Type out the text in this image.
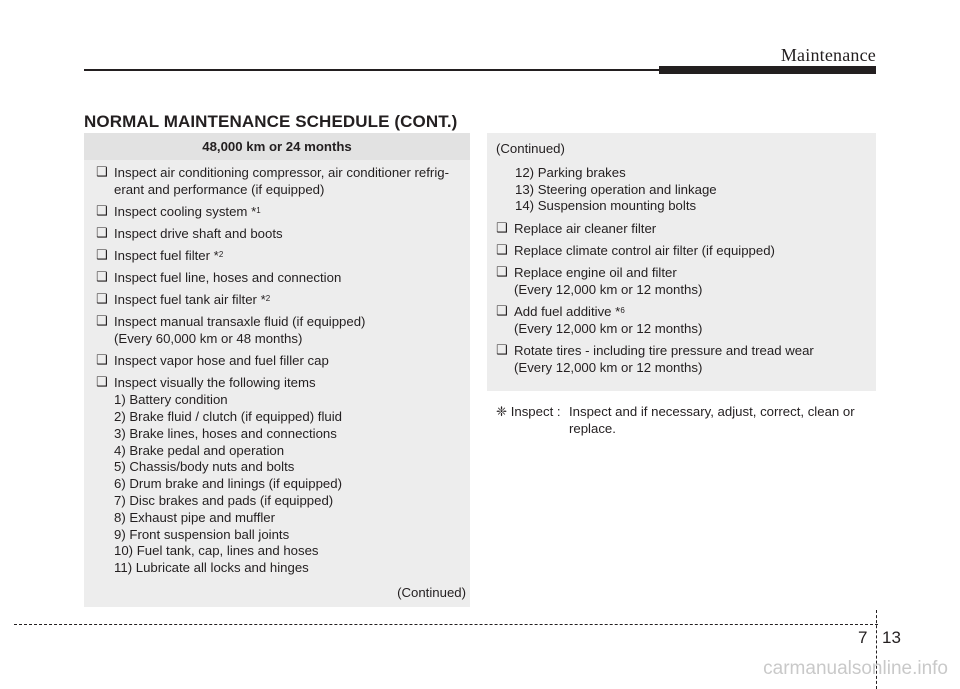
Maintenance
NORMAL MAINTENANCE SCHEDULE (CONT.)
48,000 km or 24 months
❑ Inspect air conditioning compressor, air conditioner refrig-
erant and performance (if equipped)
❑ Inspect cooling system *$^1$
❑ Inspect drive shaft and boots
❑ Inspect fuel filter *$^2$
❑ Inspect fuel line, hoses and connection
❑ Inspect fuel tank air filter *$^2$
❑ Inspect manual transaxle fluid (if equipped)
(Every 60,000 km or 48 months)
❑ Inspect vapor hose and fuel filler cap
❑ Inspect visually the following items
1) Battery condition
2) Brake fluid / clutch (if equipped) fluid
3) Brake lines, hoses and connections
4) Brake pedal and operation
5) Chassis/body nuts and bolts
6) Drum brake and linings (if equipped)
7) Disc brakes and pads (if equipped)
8) Exhaust pipe and muffler
9) Front suspension ball joints
10) Fuel tank, cap, lines and hoses
11) Lubricate all locks and hinges
(Continued)
(Continued)
12) Parking brakes
13) Steering operation and linkage
14) Suspension mounting bolts
❑ Replace air cleaner filter
❑ Replace climate control air filter (if equipped)
❑ Replace engine oil and filter
(Every 12,000 km or 12 months)
❑ Add fuel additive *$^6$
(Every 12,000 km or 12 months)
❑ Rotate tires - including tire pressure and tread wear
(Every 12,000 km or 12 months)
❈ Inspect : Inspect and if necessary, adjust, correct, clean or
replace.
7 13
carmanualsonline.info
